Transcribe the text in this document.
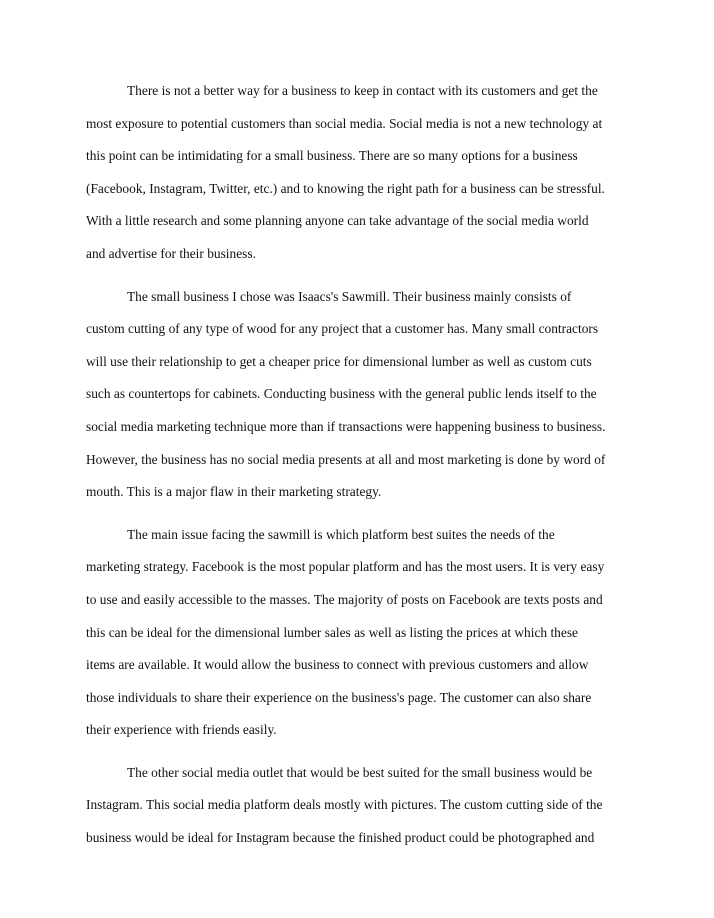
There is not a better way for a business to keep in contact with its customers and get the
most exposure to potential customers than social media. Social media is not a new technology at
this point can be intimidating for a small business. There are so many options for a business
(Facebook, Instagram, Twitter, etc.) and to knowing the right path for a business can be stressful.
With a little research and some planning anyone can take advantage of the social media world
and advertise for their business.
The small business I chose was Isaacs's Sawmill. Their business mainly consists of
custom cutting of any type of wood for any project that a customer has. Many small contractors
will use their relationship to get a cheaper price for dimensional lumber as well as custom cuts
such as countertops for cabinets. Conducting business with the general public lends itself to the
social media marketing technique more than if transactions were happening business to business.
However, the business has no social media presents at all and most marketing is done by word of
mouth. This is a major flaw in their marketing strategy.
The main issue facing the sawmill is which platform best suites the needs of the
marketing strategy. Facebook is the most popular platform and has the most users. It is very easy
to use and easily accessible to the masses. The majority of posts on Facebook are texts posts and
this can be ideal for the dimensional lumber sales as well as listing the prices at which these
items are available. It would allow the business to connect with previous customers and allow
those individuals to share their experience on the business's page. The customer can also share
their experience with friends easily.
The other social media outlet that would be best suited for the small business would be
Instagram. This social media platform deals mostly with pictures. The custom cutting side of the
business would be ideal for Instagram because the finished product could be photographed and
